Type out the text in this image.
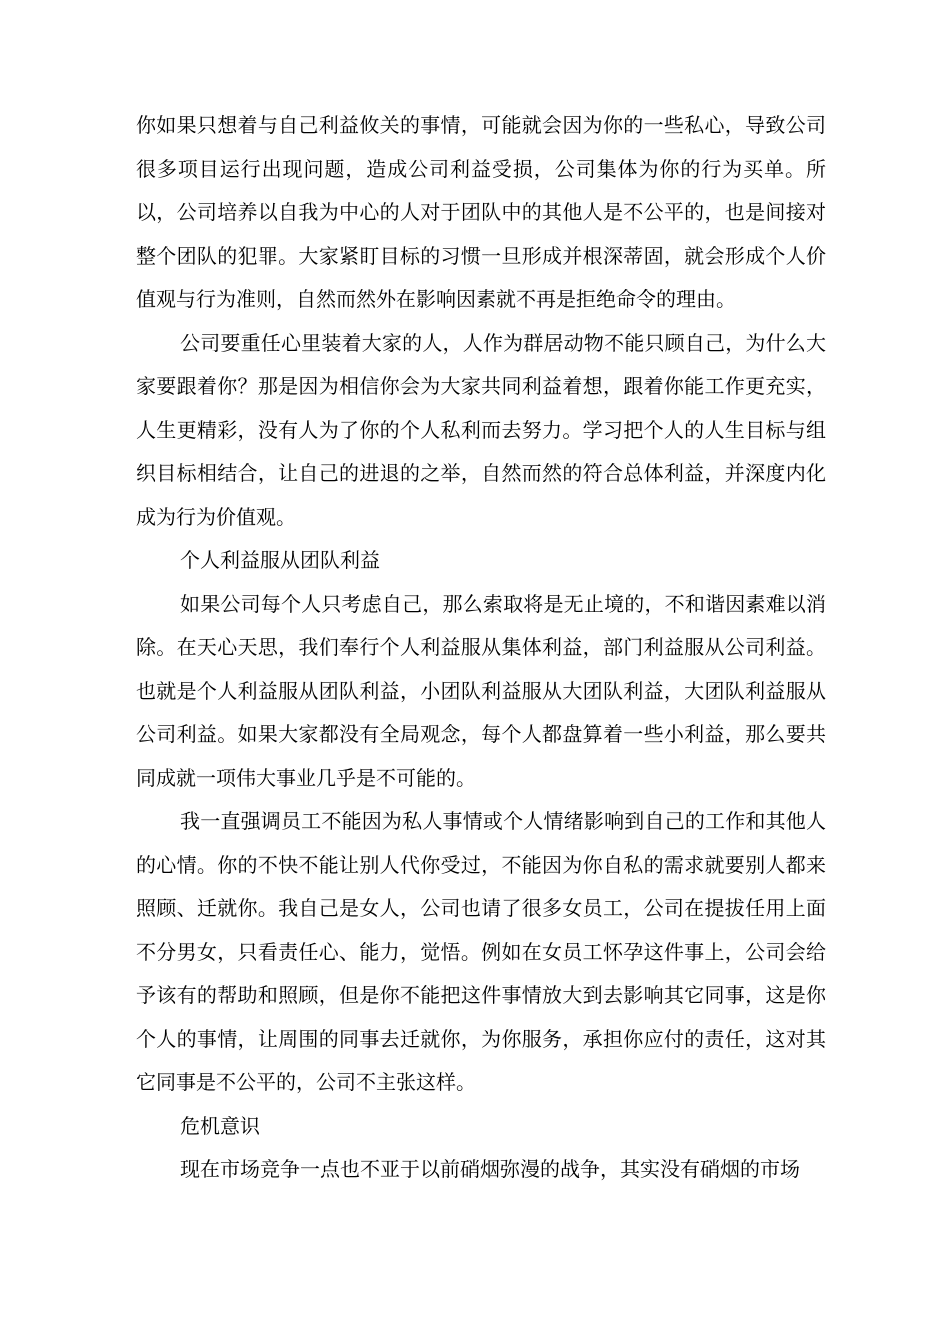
你如果只想着与自己利益攸关的事情，可能就会因为你的一些私心，导致公司很多项目运行出现问题，造成公司利益受损，公司集体为你的行为买单。所以，公司培养以自我为中心的人对于团队中的其他人是不公平的，也是间接对整个团队的犯罪。大家紧盯目标的习惯一旦形成并根深蒂固，就会形成个人价值观与行为准则，自然而然外在影响因素就不再是拒绝命令的理由。

公司要重任心里装着大家的人，人作为群居动物不能只顾自己，为什么大家要跟着你？那是因为相信你会为大家共同利益着想，跟着你能工作更充实，人生更精彩，没有人为了你的个人私利而去努力。学习把个人的人生目标与组织目标相结合，让自己的进退的之举，自然而然的符合总体利益，并深度内化成为行为价值观。

个人利益服从团队利益

如果公司每个人只考虑自己，那么索取将是无止境的，不和谐因素难以消除。在天心天思，我们奉行个人利益服从集体利益，部门利益服从公司利益。也就是个人利益服从团队利益，小团队利益服从大团队利益，大团队利益服从公司利益。如果大家都没有全局观念，每个人都盘算着一些小利益，那么要共同成就一项伟大事业几乎是不可能的。

我一直强调员工不能因为私人事情或个人情绪影响到自己的工作和其他人的心情。你的不快不能让别人代你受过，不能因为你自私的需求就要别人都来照顾、迁就你。我自己是女人，公司也请了很多女员工，公司在提拔任用上面不分男女，只看责任心、能力，觉悟。例如在女员工怀孕这件事上，公司会给予该有的帮助和照顾，但是你不能把这件事情放大到去影响其它同事，这是你个人的事情，让周围的同事去迁就你，为你服务，承担你应付的责任，这对其它同事是不公平的，公司不主张这样。

危机意识

现在市场竞争一点也不亚于以前硝烟弥漫的战争，其实没有硝烟的市场
